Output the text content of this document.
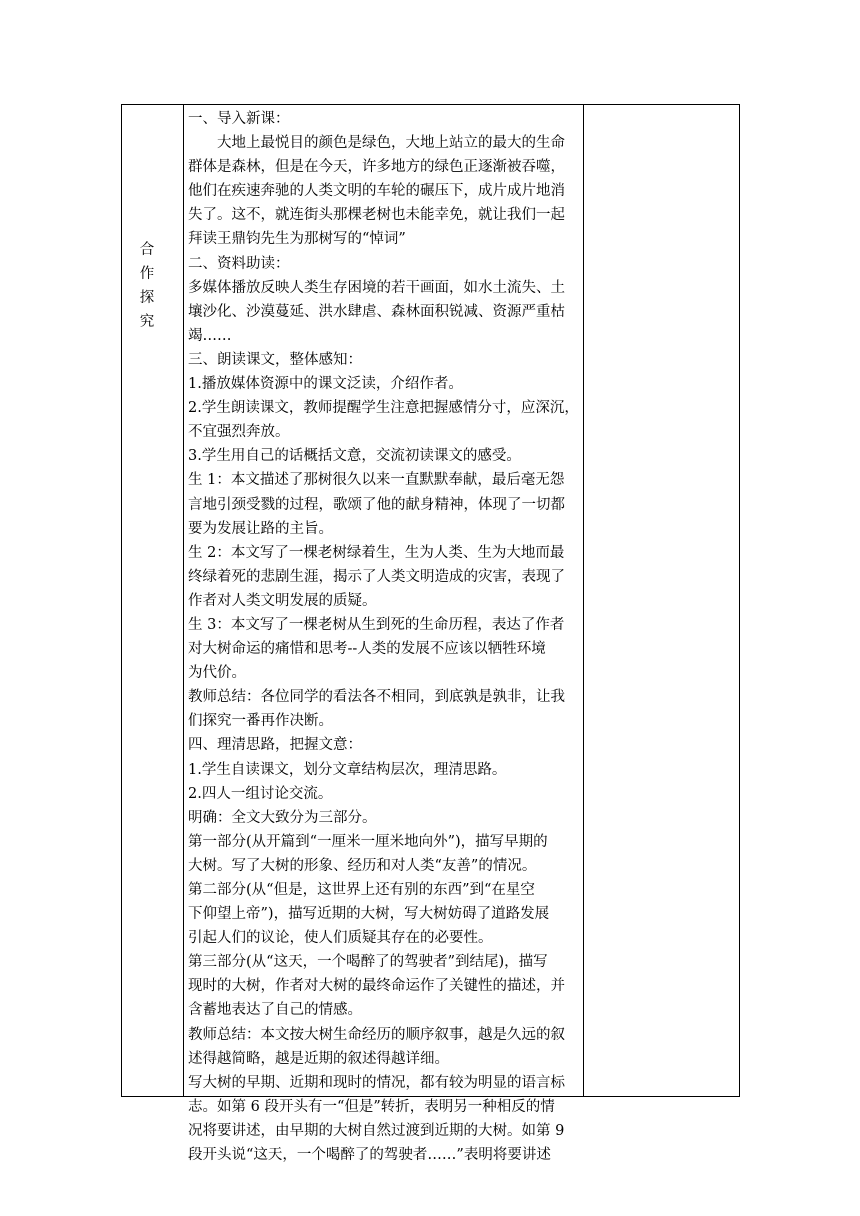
合 作
探 究
一、导入新课：
大地上最悦目的颜色是绿色，大地上站立的最大的生命
群体是森林，但是在今天，许多地方的绿色正逐渐被吞噬，
他们在疾速奔驰的人类文明的车轮的碾压下，成片成片地消
失了。这不，就连街头那棵老树也未能幸免，就让我们一起
拜读王鼎钧先生为那树写的“悼词”
二、资料助读：
多媒体播放反映人类生存困境的若干画面，如水土流失、土
壤沙化、沙漠蔓延、洪水肆虐、森林面积锐减、资源严重枯
竭……
三、朗读课文，整体感知：
1.播放媒体资源中的课文泛读，介绍作者。
2.学生朗读课文，教师提醒学生注意把握感情分寸，应深沉，
不宜强烈奔放。
3.学生用自己的话概括文意，交流初读课文的感受。
生 1：本文描述了那树很久以来一直默默奉献，最后毫无怨
言地引颈受戮的过程，歌颂了他的献身精神，体现了一切都
要为发展让路的主旨。
生 2：本文写了一棵老树绿着生，生为人类、生为大地而最
终绿着死的悲剧生涯，揭示了人类文明造成的灾害，表现了
作者对人类文明发展的质疑。
生 3：本文写了一棵老树从生到死的生命历程，表达了作者
对大树命运的痛惜和思考--人类的发展不应该以牺牲环境
为代价。
教师总结：各位同学的看法各不相同，到底孰是孰非，让我
们探究一番再作决断。
四、理清思路，把握文意：
1.学生自读课文，划分文章结构层次，理清思路。
2.四人一组讨论交流。
明确：全文大致分为三部分。
第一部分(从开篇到“一厘米一厘米地向外”)，描写早期的
大树。写了大树的形象、经历和对人类“友善”的情况。
第二部分(从“但是，这世界上还有别的东西”到“在星空
下仰望上帝”)，描写近期的大树，写大树妨碍了道路发展
引起人们的议论，使人们质疑其存在的必要性。
第三部分(从“这天，一个喝醉了的驾驶者”到结尾)，描写
现时的大树，作者对大树的最终命运作了关键性的描述，并
含蓄地表达了自己的情感。
教师总结：本文按大树生命经历的顺序叙事，越是久远的叙
述得越简略，越是近期的叙述得越详细。
写大树的早期、近期和现时的情况，都有较为明显的语言标
志。如第 6 段开头有一“但是”转折，表明另一种相反的情
况将要讲述，由早期的大树自然过渡到近期的大树。如第 9
段开头说“这天，一个喝醉了的驾驶者……”表明将要讲述
